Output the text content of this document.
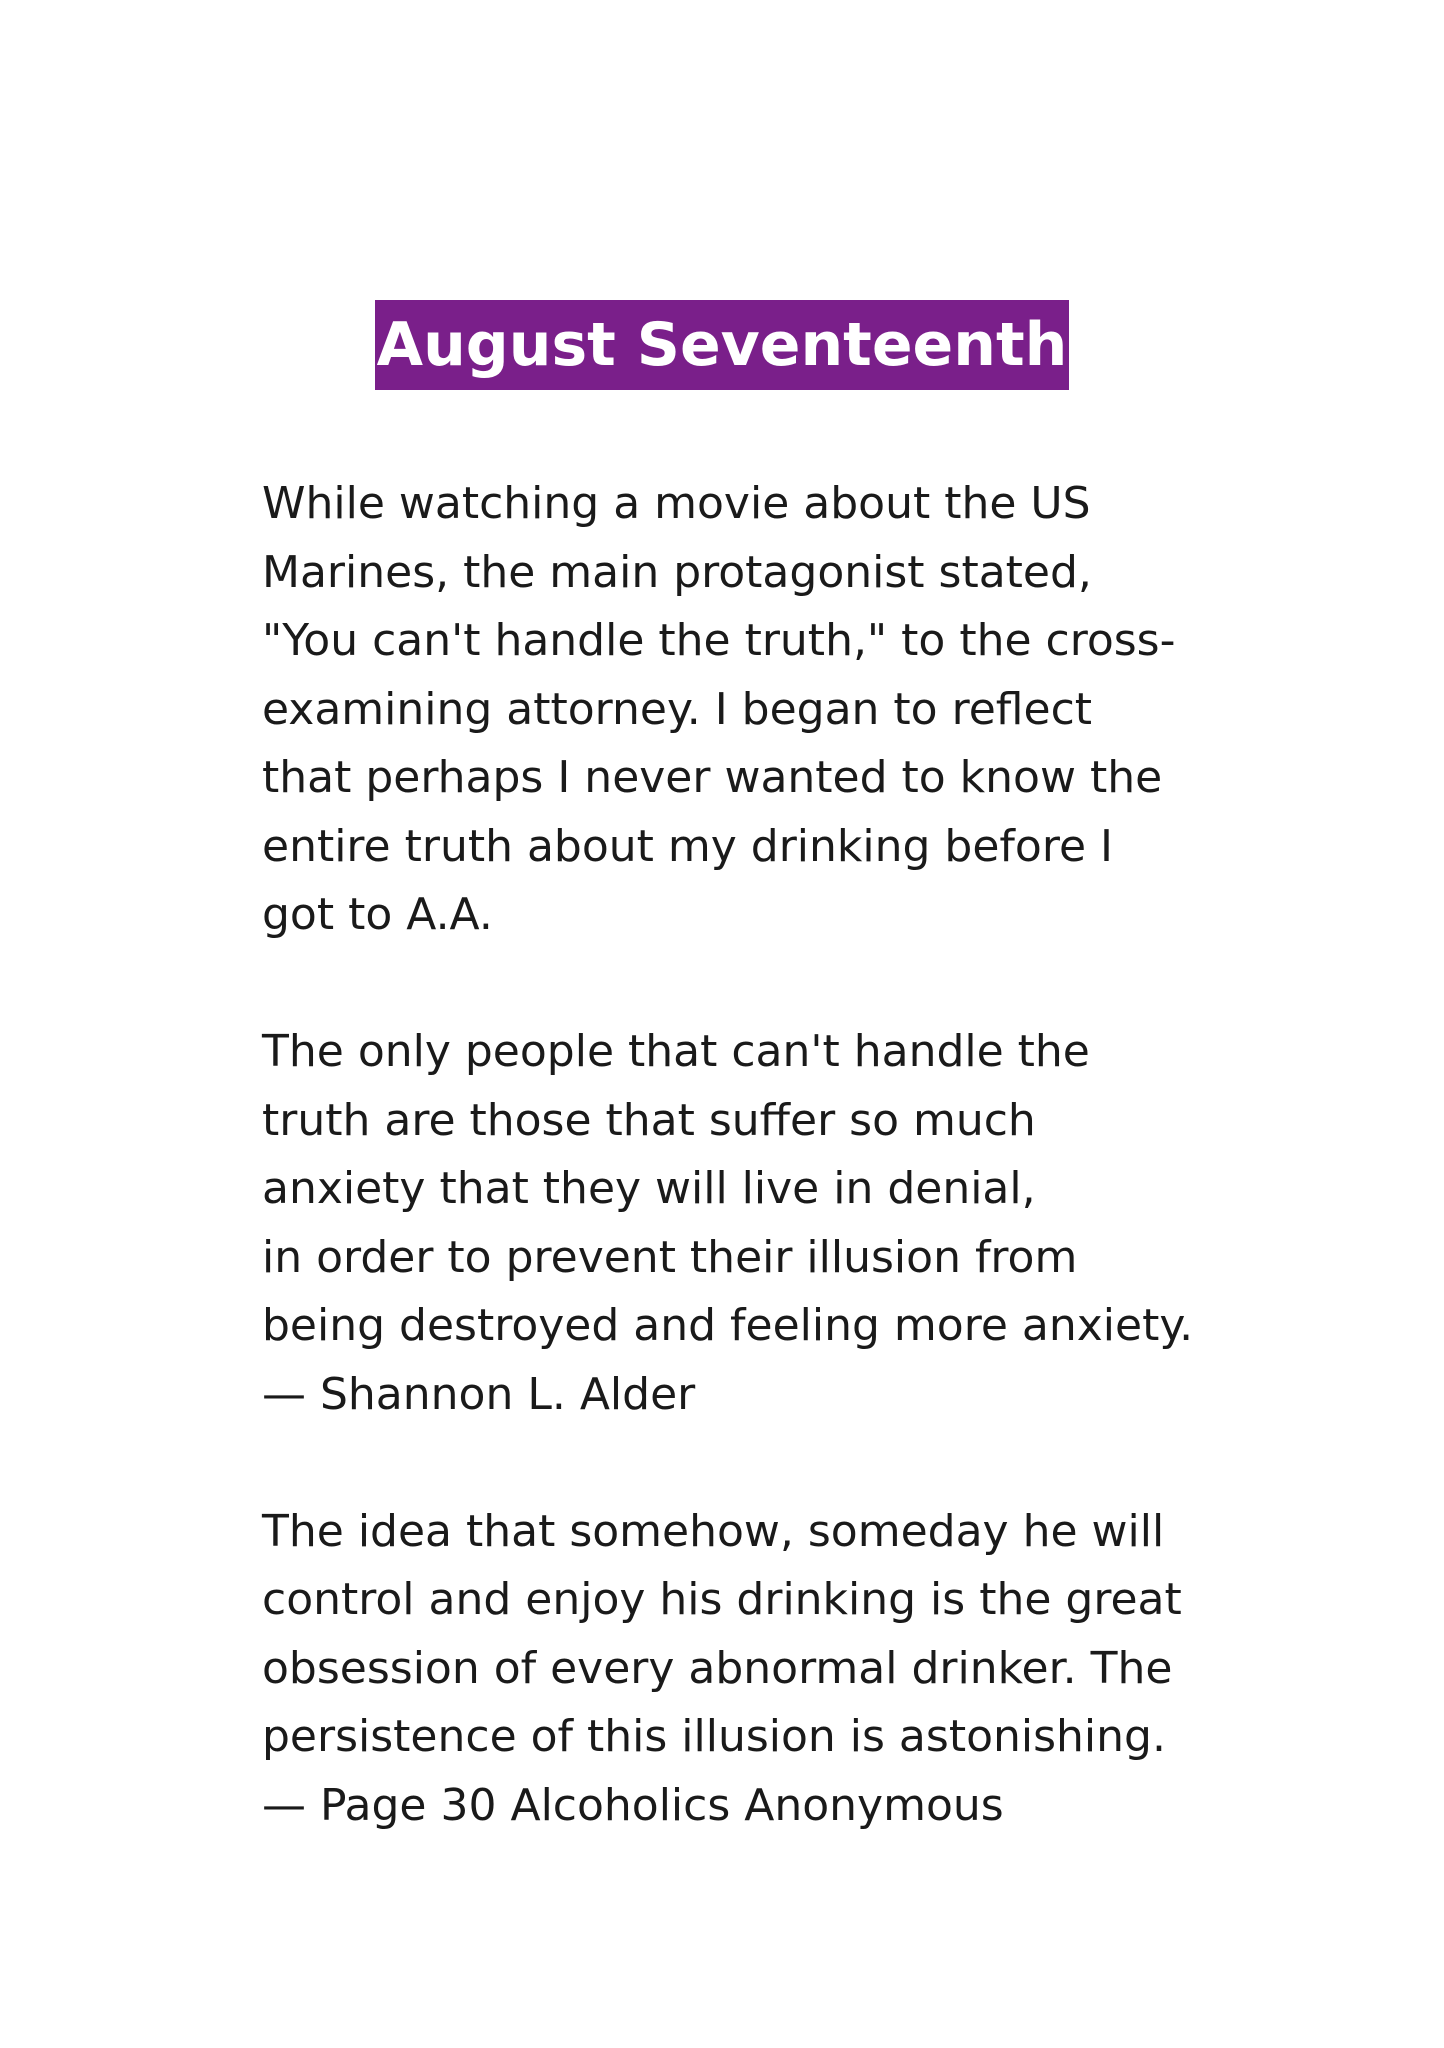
August Seventeenth
While watching a movie about the US
Marines, the main protagonist stated,
"You can't handle the truth," to the cross-
examining attorney. I began to reflect
that perhaps I never wanted to know the
entire truth about my drinking before I
got to A.A.
The only people that can't handle the
truth are those that suffer so much
anxiety that they will live in denial,
in order to prevent their illusion from
being destroyed and feeling more anxiety.
— Shannon L. Alder
The idea that somehow, someday he will
control and enjoy his drinking is the great
obsession of every abnormal drinker. The
persistence of this illusion is astonishing.
— Page 30 Alcoholics Anonymous
